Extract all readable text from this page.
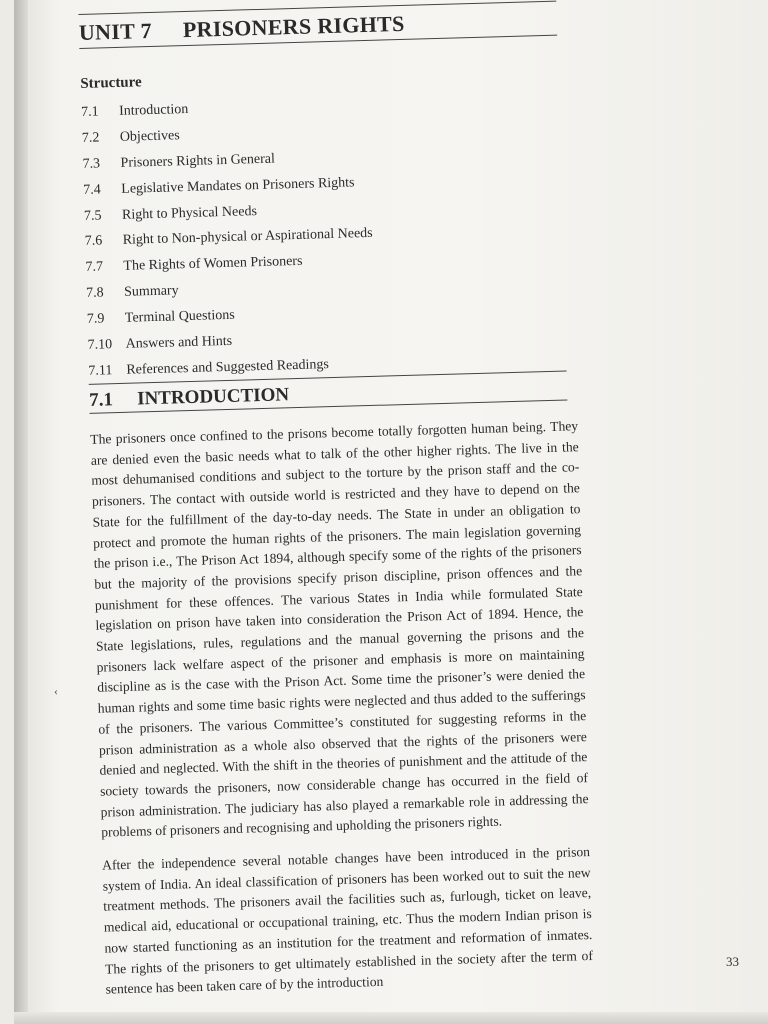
UNIT 7 PRISONERS RIGHTS
Structure
7.1 Introduction
7.2 Objectives
7.3 Prisoners Rights in General
7.4 Legislative Mandates on Prisoners Rights
7.5 Right to Physical Needs
7.6 Right to Non-physical or Aspirational Needs
7.7 The Rights of Women Prisoners
7.8 Summary
7.9 Terminal Questions
7.10 Answers and Hints
7.11 References and Suggested Readings
7.1 INTRODUCTION

The prisoners once confined to the prisons become totally forgotten human being. They are denied even the basic needs what to talk of the other higher rights. The live in the most dehumanised conditions and subject to the torture by the prison staff and the co-prisoners. The contact with outside world is restricted and they have to depend on the State for the fulfillment of the day-to-day needs. The State in under an obligation to protect and promote the human rights of the prisoners. The main legislation governing the prison i.e., The Prison Act 1894, although specify some of the rights of the prisoners but the majority of the provisions specify prison discipline, prison offences and the punishment for these offences. The various States in India while formulated State legislation on prison have taken into consideration the Prison Act of 1894. Hence, the State legislations, rules, regulations and the manual governing the prisons and the prisoners lack welfare aspect of the prisoner and emphasis is more on maintaining discipline as is the case with the Prison Act. Some time the prisoner’s were denied the human rights and some time basic rights were neglected and thus added to the sufferings of the prisoners. The various Committee’s constituted for suggesting reforms in the prison administration as a whole also observed that the rights of the prisoners were denied and neglected. With the shift in the theories of punishment and the attitude of the society towards the prisoners, now considerable change has occurred in the field of prison administration. The judiciary has also played a remarkable role in addressing the problems of prisoners and recognising and upholding the prisoners rights.

After the independence several notable changes have been introduced in the prison system of India. An ideal classification of prisoners has been worked out to suit the new treatment methods. The prisoners avail the facilities such as, furlough, ticket on leave, medical aid, educational or occupational training, etc. Thus the modern Indian prison is now started functioning as an institution for the treatment and reformation of inmates. The rights of the prisoners to get ultimately established in the society after the term of sentence has been taken care of by the introduction

‹
33
